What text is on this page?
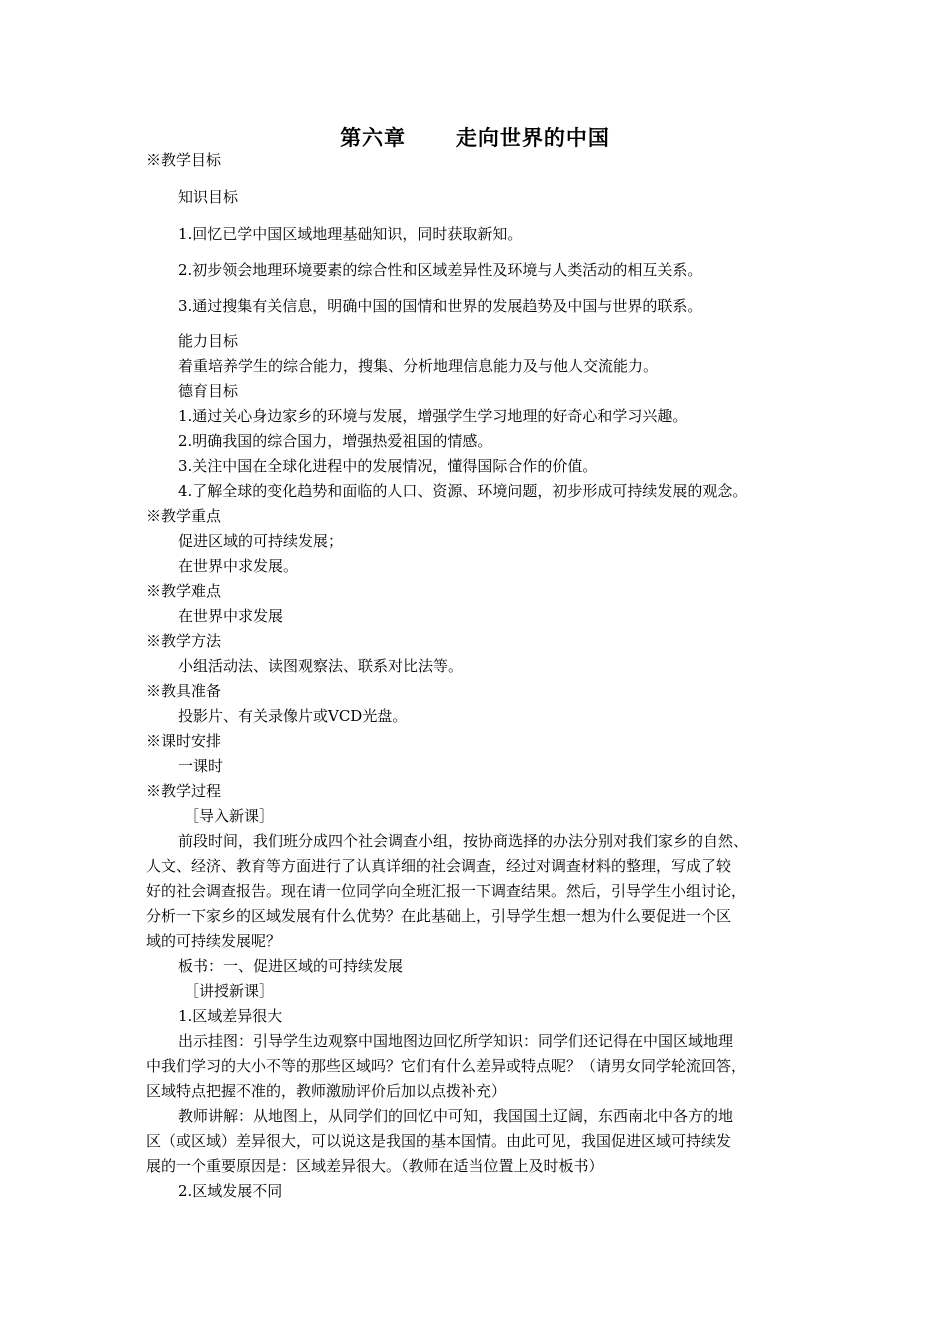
第六章      走向世界的中国
※教学目标
知识目标
1.回忆已学中国区域地理基础知识，同时获取新知。
2.初步领会地理环境要素的综合性和区域差异性及环境与人类活动的相互关系。
3.通过搜集有关信息，明确中国的国情和世界的发展趋势及中国与世界的联系。
能力目标
着重培养学生的综合能力，搜集、分析地理信息能力及与他人交流能力。
德育目标
1.通过关心身边家乡的环境与发展，增强学生学习地理的好奇心和学习兴趣。
2.明确我国的综合国力，增强热爱祖国的情感。
3.关注中国在全球化进程中的发展情况，懂得国际合作的价值。
4.了解全球的变化趋势和面临的人口、资源、环境问题，初步形成可持续发展的观念。
※教学重点
促进区域的可持续发展；
在世界中求发展。
※教学难点
在世界中求发展
※教学方法
小组活动法、读图观察法、联系对比法等。
※教具准备
投影片、有关录像片或VCD光盘。
※课时安排
一课时
※教学过程
［导入新课］
前段时间，我们班分成四个社会调查小组，按协商选择的办法分别对我们家乡的自然、
人文、经济、教育等方面进行了认真详细的社会调查，经过对调查材料的整理，写成了较
好的社会调查报告。现在请一位同学向全班汇报一下调查结果。然后，引导学生小组讨论，
分析一下家乡的区域发展有什么优势？在此基础上，引导学生想一想为什么要促进一个区
域的可持续发展呢？
板书：一、促进区域的可持续发展
［讲授新课］
1.区域差异很大
出示挂图：引导学生边观察中国地图边回忆所学知识：同学们还记得在中国区域地理
中我们学习的大小不等的那些区域吗？它们有什么差异或特点呢？（请男女同学轮流回答，
区域特点把握不准的，教师激励评价后加以点拨补充）
教师讲解：从地图上，从同学们的回忆中可知，我国国土辽阔，东西南北中各方的地
区（或区域）差异很大，可以说这是我国的基本国情。由此可见，我国促进区域可持续发
展的一个重要原因是：区域差异很大。（教师在适当位置上及时板书）
2.区域发展不同
